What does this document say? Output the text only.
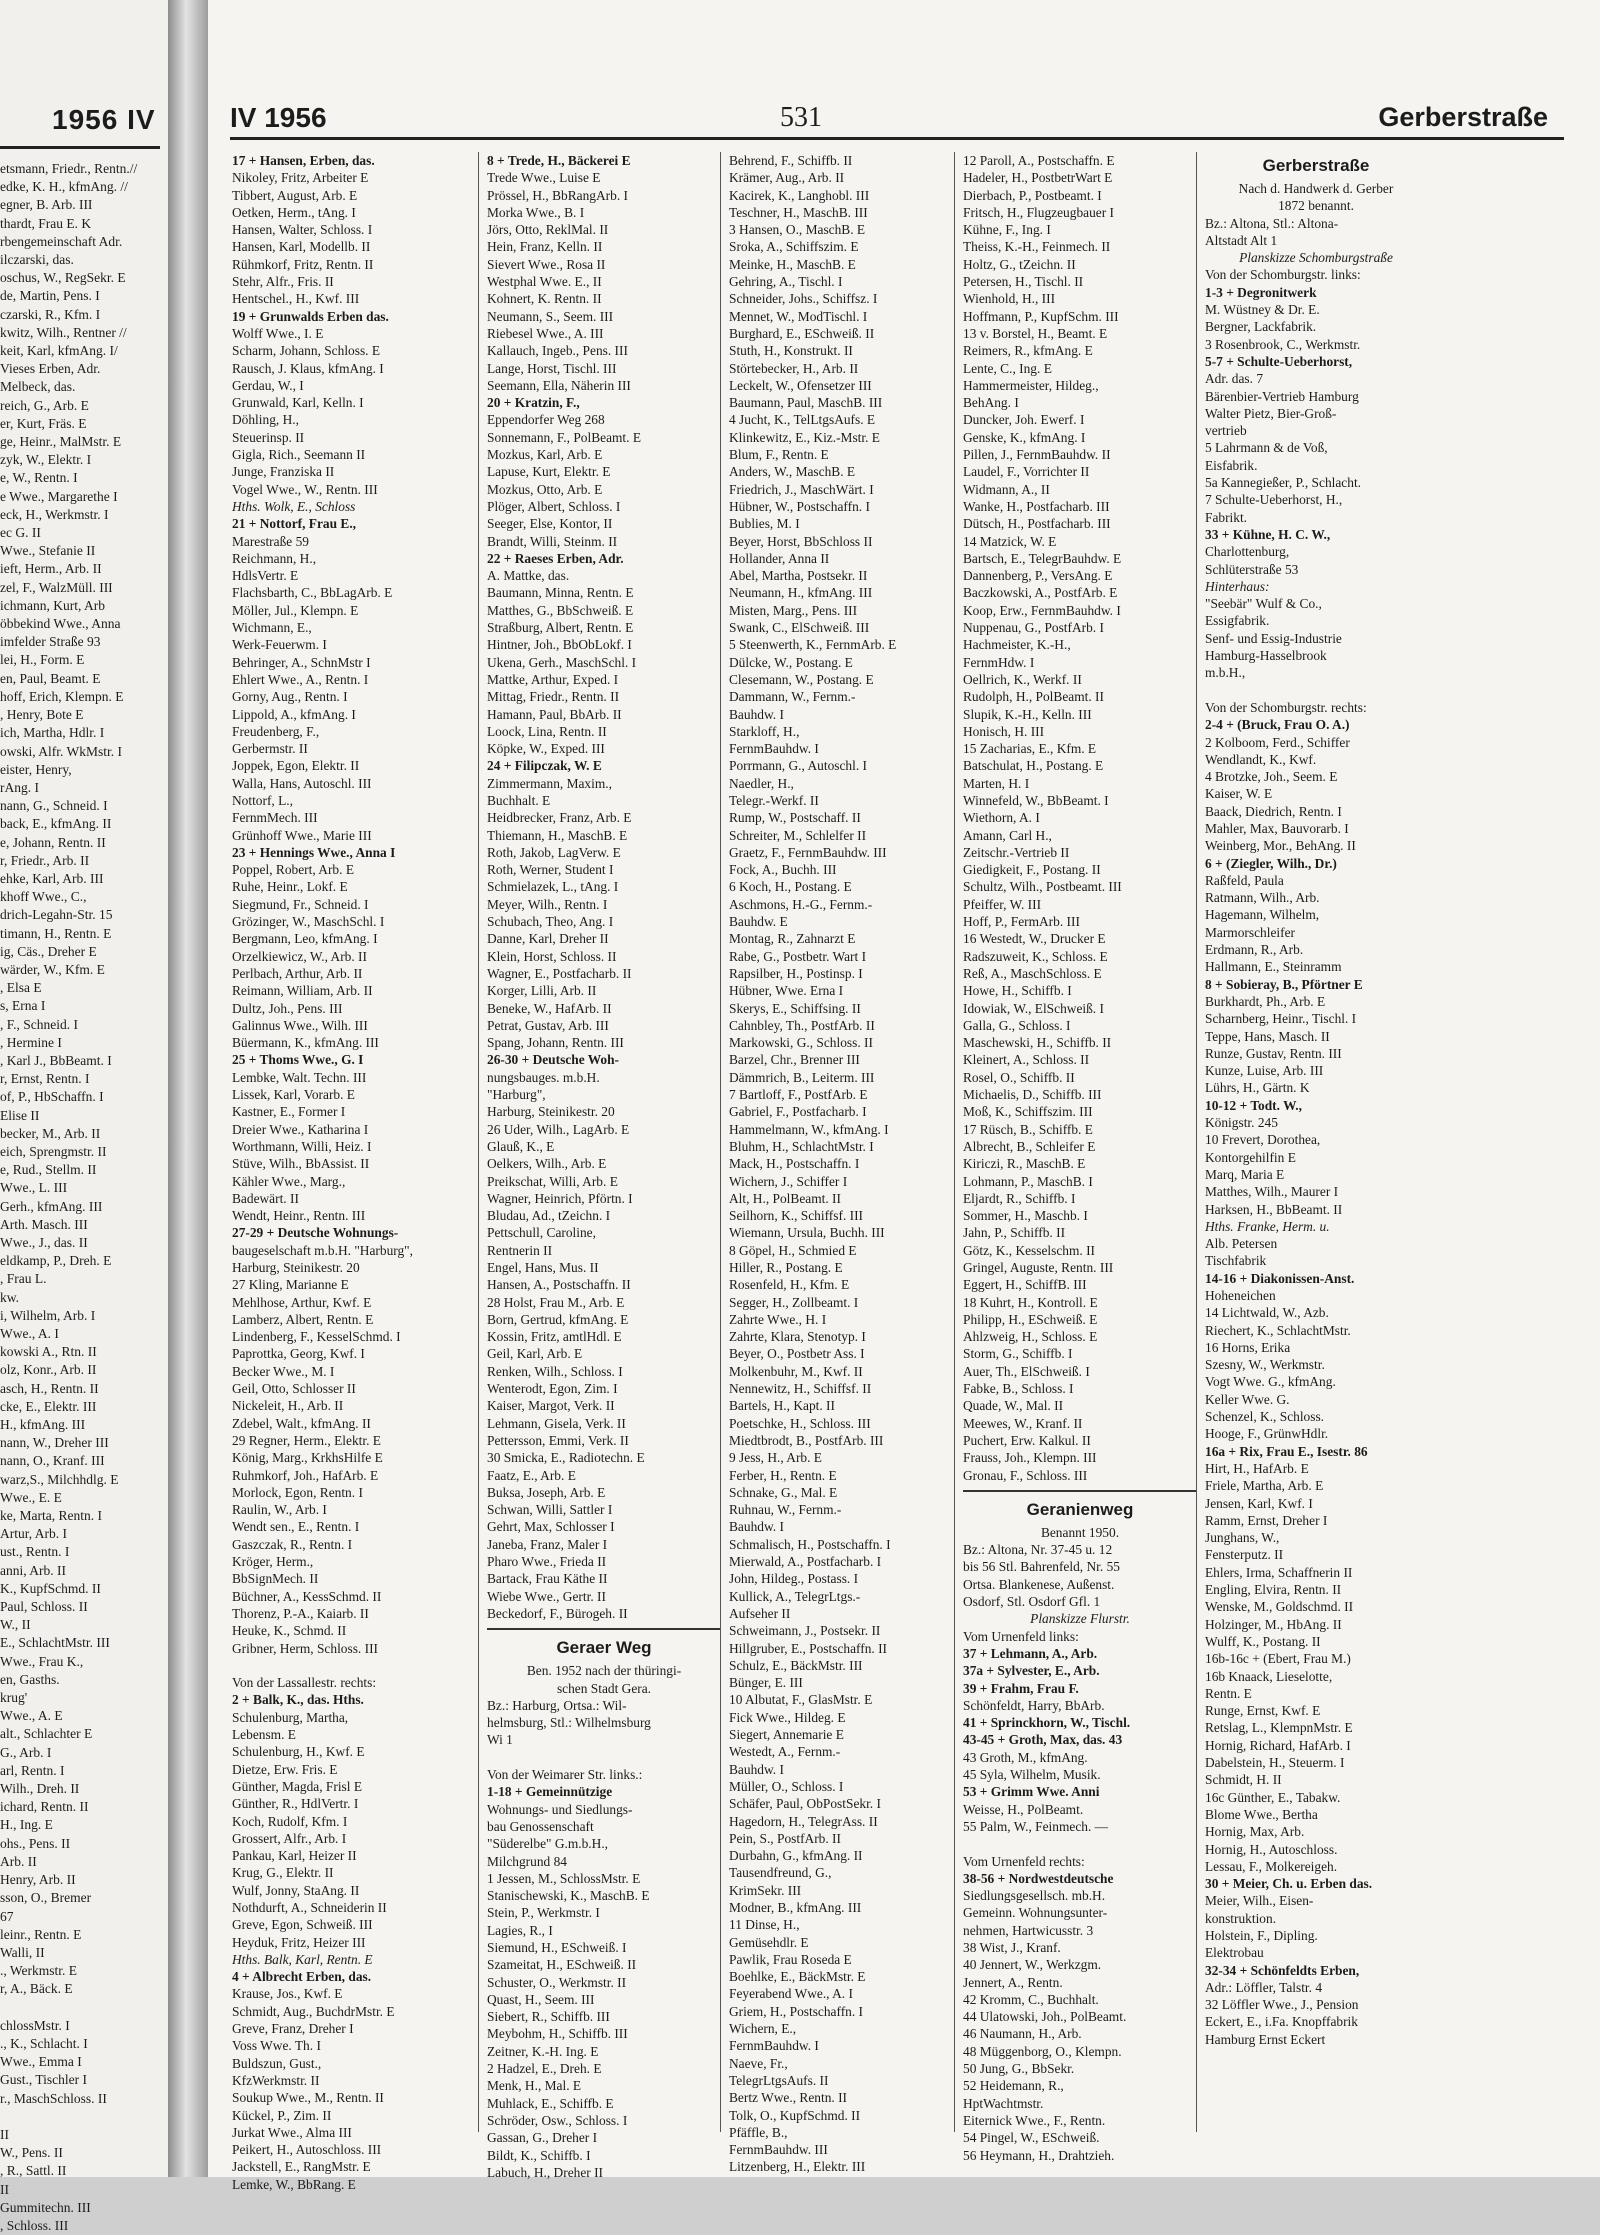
1956 IV
etsmann, Friedr., Rentn.//
edke, K. H., kfmAng. //
egner, B. Arb. III
thardt, Frau E. K
rbengemeinschaft Adr.
ilczarski, das.
oschus, W., RegSekr. E
de, Martin, Pens. I
czarski, R., Kfm. I
kwitz, Wilh., Rentner //
keit, Karl, kfmAng. I/
Vieses Erben, Adr.
Melbeck, das.
reich, G., Arb. E
er, Kurt, Fräs. E
ge, Heinr., MalMstr. E
zyk, W., Elektr. I
e, W., Rentn. I
e Wwe., Margarethe I
eck, H., Werkmstr. I
ec G. II
Wwe., Stefanie II
ieft, Herm., Arb. II
zel, F., WalzMüll. III
ichmann, Kurt, Arb
öbbekind Wwe., Anna
imfelder Straße 93
lei, H., Form. E
en, Paul, Beamt. E
hoff, Erich, Klempn. E
, Henry, Bote E
ich, Martha, Hdlr. I
owski, Alfr. WkMstr. I
eister, Henry,
rAng. I
nann, G., Schneid. I
back, E., kfmAng. II
e, Johann, Rentn. II
r, Friedr., Arb. II
ehke, Karl, Arb. III
khoff Wwe., C.,
drich-Legahn-Str. 15
timann, H., Rentn. E
ig, Cäs., Dreher E
wärder, W., Kfm. E
, Elsa E
s, Erna I
, F., Schneid. I
, Hermine I
, Karl J., BbBeamt. I
r, Ernst, Rentn. I
of, P., HbSchaffn. I
Elise II
becker, M., Arb. II
eich, Sprengmstr. II
e, Rud., Stellm. II
Wwe., L. III
Gerh., kfmAng. III
Arth. Masch. III
Wwe., J., das. II
eldkamp, P., Dreh. E
, Frau L.
kw.
i, Wilhelm, Arb. I
Wwe., A. I
kowski A., Rtn. II
olz, Konr., Arb. II
asch, H., Rentn. II
cke, E., Elektr. III
H., kfmAng. III
nann, W., Dreher III
nann, O., Kranf. III
warz,S., Milchhdlg. E
Wwe., E. E
ke, Marta, Rentn. I
Artur, Arb. I
ust., Rentn. I
anni, Arb. II
K., KupfSchmd. II
Paul, Schloss. II
W., II
E., SchlachtMstr. III
Wwe., Frau K.,
en, Gasths.
krug'
Wwe., A. E
alt., Schlachter E
G., Arb. I
arl, Rentn. I
Wilh., Dreh. II
ichard, Rentn. II
H., Ing. E
ohs., Pens. II
Arb. II
Henry, Arb. II
sson, O., Bremer
67
leinr., Rentn. E
Walli, II
., Werkmstr. E
r, A., Bäck. E

chlossMstr. I
., K., Schlacht. I
Wwe., Emma I
Gust., Tischler I
r., MaschSchloss. II

II
W., Pens. II
, R., Sattl. II
II
Gummitechn. III
, Schloss. III
IV 1956	531	Gerberstraße
17 + Hansen, Erben, das.
Nikoley, Fritz, Arbeiter E
Tibbert, August, Arb. E
Oetken, Herm., tAng. I
Hansen, Walter, Schloss. I
Hansen, Karl, Modellb. II
Rühmkorf, Fritz, Rentn. II
Stehr, Alfr., Fris. II
Hentschel., H., Kwf. III
19 + Grunwalds Erben das.
Wolff Wwe., I. E
Scharm, Johann, Schloss. E
Rausch, J. Klaus, kfmAng. I
Gerdau, W., I
Grunwald, Karl, Kelln. I
Döhling, H.,
Steuerinsp. II
Gigla, Rich., Seemann II
Junge, Franziska II
Vogel Wwe., W., Rentn. III
Hths. Wolk, E., Schloss
21 + Nottorf, Frau E.,
Marestraße 59
Reichmann, H.,
HdlsVertr. E
Flachsbarth, C., BbLagArb. E
Möller, Jul., Klempn. E
Wichmann, E.,
Werk-Feuerwm. I
Behringer, A., SchnMstr I
Ehlert Wwe., A., Rentn. I
Gorny, Aug., Rentn. I
Lippold, A., kfmAng. I
Freudenberg, F.,
Gerbermstr. II
Joppek, Egon, Elektr. II
Walla, Hans, Autoschl. III
Nottorf, L.,
FernmMech. III
Grünhoff Wwe., Marie III
23 + Hennings Wwe., Anna I
Poppel, Robert, Arb. E
Ruhe, Heinr., Lokf. E
Siegmund, Fr., Schneid. I
Grözinger, W., MaschSchl. I
Bergmann, Leo, kfmAng. I
Orzelkiewicz, W., Arb. II
Perlbach, Arthur, Arb. II
Reimann, William, Arb. II
Dultz, Joh., Pens. III
Galinnus Wwe., Wilh. III
Büermann, K., kfmAng. III
25 + Thoms Wwe., G. I
Lembke, Walt. Techn. III
Lissek, Karl, Vorarb. E
Kastner, E., Former I
Dreier Wwe., Katharina I
Worthmann, Willi, Heiz. I
Stüve, Wilh., BbAssist. II
Kähler Wwe., Marg.,
Badewärt. II
Wendt, Heinr., Rentn. III
27-29 + Deutsche Wohnungs-
baugeselschaft m.b.H. "Harburg",
Harburg, Steinikestr. 20
27 Kling, Marianne E
Mehlhose, Arthur, Kwf. E
Lamberz, Albert, Rentn. E
Lindenberg, F., KesselSchmd. I
Paprottka, Georg, Kwf. I
Becker Wwe., M. I
Geil, Otto, Schlosser II
Nickeleit, H., Arb. II
Zdebel, Walt., kfmAng. II
29 Regner, Herm., Elektr. E
König, Marg., KrkhsHilfe E
Ruhmkorf, Joh., HafArb. E
Morlock, Egon, Rentn. I
Raulin, W., Arb. I
Wendt sen., E., Rentn. I
Gaszczak, R., Rentn. I
Kröger, Herm.,
BbSignMech. II
Büchner, A., KessSchmd. II
Thorenz, P.-A., Kaiarb. II
Heuke, K., Schmd. II
Gribner, Herm, Schloss. III

Von der Lassallestr. rechts:
2 + Balk, K., das. Hths.
Schulenburg, Martha,
Lebensm. E
Schulenburg, H., Kwf. E
Dietze, Erw. Fris. E
Günther, Magda, Frisl E
Günther, R., HdlVertr. I
Koch, Rudolf, Kfm. I
Grossert, Alfr., Arb. I
Pankau, Karl, Heizer II
Krug, G., Elektr. II
Wulf, Jonny, StaAng. II
Nothdurft, A., Schneiderin II
Greve, Egon, Schweiß. III
Heyduk, Fritz, Heizer III
Hths. Balk, Karl, Rentn. E
4 + Albrecht Erben, das.
Krause, Jos., Kwf. E
Schmidt, Aug., BuchdrMstr. E
Greve, Franz, Dreher I
Voss Wwe. Th. I
Buldszun, Gust.,
KfzWerkmstr. II
Soukup Wwe., M., Rentn. II
Kückel, P., Zim. II
Jurkat Wwe., Alma III
Peikert, H., Autoschloss. III
Jackstell, E., RangMstr. E
Lemke, W., BbRang. E
8 + Trede, H., Bäckerei E
Trede Wwe., Luise E
Prössel, H., BbRangArb. I
Morka Wwe., B. I
Jörs, Otto, ReklMal. II
Hein, Franz, Kelln. II
Sievert Wwe., Rosa II
Westphal Wwe. E., II
Kohnert, K. Rentn. II
Neumann, S., Seem. III
Riebesel Wwe., A. III
Kallauch, Ingeb., Pens. III
Lange, Horst, Tischl. III
Seemann, Ella, Näherin III
20 + Kratzin, F.,
Eppendorfer Weg 268
Sonnemann, F., PolBeamt. E
Mozkus, Karl, Arb. E
Lapuse, Kurt, Elektr. E
Mozkus, Otto, Arb. E
Plöger, Albert, Schloss. I
Seeger, Else, Kontor, II
Brandt, Willi, Steinm. II
22 + Raeses Erben, Adr.
A. Mattke, das.
Baumann, Minna, Rentn. E
Matthes, G., BbSchweiß. E
Straßburg, Albert, Rentn. E
Hintner, Joh., BbObLokf. I
Ukena, Gerh., MaschSchl. I
Mattke, Arthur, Exped. I
Mittag, Friedr., Rentn. II
Hamann, Paul, BbArb. II
Loock, Lina, Rentn. II
Köpke, W., Exped. III
24 + Filipczak, W. E
Zimmermann, Maxim.,
Buchhalt. E
Heidbrecker, Franz, Arb. E
Thiemann, H., MaschB. E
Roth, Jakob, LagVerw. E
Roth, Werner, Student I
Schmielazek, L., tAng. I
Meyer, Wilh., Rentn. I
Schubach, Theo, Ang. I
Danne, Karl, Dreher II
Klein, Horst, Schloss. II
Wagner, E., Postfacharb. II
Korger, Lilli, Arb. II
Beneke, W., HafArb. II
Petrat, Gustav, Arb. III
Spang, Johann, Rentn. III
26-30 + Deutsche Woh-
nungsbauges. m.b.H.
"Harburg",
Harburg, Steinikestr. 20
26 Uder, Wilh., LagArb. E
Glauß, K., E
Oelkers, Wilh., Arb. E
Preikschat, Willi, Arb. E
Wagner, Heinrich, Pförtn. I
Bludau, Ad., tZeichn. I
Pettschull, Caroline,
Rentnerin II
Engel, Hans, Mus. II
Hansen, A., Postschaffn. II
28 Holst, Frau M., Arb. E
Born, Gertrud, kfmAng. E
Kossin, Fritz, amtlHdl. E
Geil, Karl, Arb. E
Renken, Wilh., Schloss. I
Wenterodt, Egon, Zim. I
Kaiser, Margot, Verk. II
Lehmann, Gisela, Verk. II
Pettersson, Emmi, Verk. II
30 Smicka, E., Radiotechn. E
Faatz, E., Arb. E
Buksa, Joseph, Arb. E
Schwan, Willi, Sattler I
Gehrt, Max, Schlosser I
Janeba, Franz, Maler I
Pharo Wwe., Frieda II
Bartack, Frau Käthe II
Wiebe Wwe., Gertr. II
Beckedorf, F., Bürogeh. II
Geraer Weg
Ben. 1952 nach der thüringi-
schen Stadt Gera.
Bz.: Harburg, Ortsa.: Wil-
helmsburg, Stl.: Wilhelmsburg
Wi 1

Von der Weimarer Str. links.:
1-18 + Gemeinnützige
Wohnungs- und Siedlungs-
bau Genossenschaft
"Süderelbe" G.m.b.H.,
Milchgrund 84
1 Jessen, M., SchlossMstr. E
Stanischewski, K., MaschB. E
Stein, P., Werkmstr. I
Lagies, R., I
Siemund, H., ESchweiß. I
Szameitat, H., ESchweiß. II
Schuster, O., Werkmstr. II
Quast, H., Seem. III
Siebert, R., Schiffb. III
Meybohm, H., Schiffb. III
Zeitner, K.-H. Ing. E
2 Hadzel, E., Dreh. E
Menk, H., Mal. E
Muhlack, E., Schiffb. E
Schröder, Osw., Schloss. I
Gassan, G., Dreher I
Bildt, K., Schiffb. I
Labuch, H., Dreher II
Behrend, F., Schiffb. II
Krämer, Aug., Arb. II
Kacirek, K., Langhobl. III
Teschner, H., MaschB. III
3 Hansen, O., MaschB. E
Sroka, A., Schiffszim. E
Meinke, H., MaschB. E
Gehring, A., Tischl. I
Schneider, Johs., Schiffsz. I
Mennet, W., ModTischl. I
Burghard, E., ESchweiß. II
Stuth, H., Konstrukt. II
Störtebecker, H., Arb. II
Leckelt, W., Ofensetzer III
Baumann, Paul, MaschB. III
4 Jucht, K., TelLtgsAufs. E
Klinkewitz, E., Kiz.-Mstr. E
Blum, F., Rentn. E
Anders, W., MaschB. E
Friedrich, J., MaschWärt. I
Hübner, W., Postschaffn. I
Bublies, M. I
Beyer, Horst, BbSchloss II
Hollander, Anna II
Abel, Martha, Postsekr. II
Neumann, H., kfmAng. III
Misten, Marg., Pens. III
Swank, C., ElSchweiß. III
5 Steenwerth, K., FernmArb. E
Dülcke, W., Postang. E
Clesemann, W., Postang. E
Dammann, W., Fernm.-
Bauhdw. I
Starkloff, H.,
FernmBauhdw. I
Porrmann, G., Autoschl. I
Naedler, H.,
Telegr.-Werkf. II
Rump, W., Postschaff. II
Schreiter, M., Schlelfer II
Graetz, F., FernmBauhdw. III
Fock, A., Buchh. III
6 Koch, H., Postang. E
Aschmons, H.-G., Fernm.-
Bauhdw. E
Montag, R., Zahnarzt E
Rabe, G., Postbetr. Wart I
Rapsilber, H., Postinsp. I
Hübner, Wwe. Erna I
Skerys, E., Schiffsing. II
Cahnbley, Th., PostfArb. II
Markowski, G., Schloss. II
Barzel, Chr., Brenner III
Dämmrich, B., Leiterm. III
7 Bartloff, F., PostfArb. E
Gabriel, F., Postfacharb. I
Hammelmann, W., kfmAng. I
Bluhm, H., SchlachtMstr. I
Mack, H., Postschaffn. I
Wichern, J., Schiffer I
Alt, H., PolBeamt. II
Seilhorn, K., Schiffsf. III
Wiemann, Ursula, Buchh. III
8 Göpel, H., Schmied E
Hiller, R., Postang. E
Rosenfeld, H., Kfm. E
Segger, H., Zollbeamt. I
Zahrte Wwe., H. I
Zahrte, Klara, Stenotyp. I
Beyer, O., Postbetr Ass. I
Molkenbuhr, M., Kwf. II
Nennewitz, H., Schiffsf. II
Bartels, H., Kapt. II
Poetschke, H., Schloss. III
Miedtbrodt, B., PostfArb. III
9 Jess, H., Arb. E
Ferber, H., Rentn. E
Schnake, G., Mal. E
Ruhnau, W., Fernm.-
Bauhdw. I
Schmalisch, H., Postschaffn. I
Mierwald, A., Postfacharb. I
John, Hildeg., Postass. I
Kullick, A., TelegrLtgs.-
Aufseher II
Schweimann, J., Postsekr. II
Hillgruber, E., Postschaffn. II
Schulz, E., BäckMstr. III
Bünger, E. III
10 Albutat, F., GlasMstr. E
Fick Wwe., Hildeg. E
Siegert, Annemarie E
Westedt, A., Fernm.-
Bauhdw. I
Müller, O., Schloss. I
Schäfer, Paul, ObPostSekr. I
Hagedorn, H., TelegrAss. II
Pein, S., PostfArb. II
Durbahn, G., kfmAng. II
Tausendfreund, G.,
KrimSekr. III
Modner, B., kfmAng. III
11 Dinse, H.,
Gemüsehdlr. E
Pawlik, Frau Roseda E
Boehlke, E., BäckMstr. E
Feyerabend Wwe., A. I
Griem, H., Postschaffn. I
Wichern, E.,
FernmBauhdw. I
Naeve, Fr.,
TelegrLtgsAufs. II
Bertz Wwe., Rentn. II
Tolk, O., KupfSchmd. II
Pfäffle, B.,
FernmBauhdw. III
Litzenberg, H., Elektr. III
12 Paroll, A., Postschaffn. E
Hadeler, H., PostbetrWart E
Dierbach, P., Postbeamt. I
Fritsch, H., Flugzeugbauer I
Kühne, F., Ing. I
Theiss, K.-H., Feinmech. II
Holtz, G., tZeichn. II
Petersen, H., Tischl. II
Wienhold, H., III
Hoffmann, P., KupfSchm. III
13 v. Borstel, H., Beamt. E
Reimers, R., kfmAng. E
Lente, C., Ing. E
Hammermeister, Hildeg.,
BehAng. I
Duncker, Joh. Ewerf. I
Genske, K., kfmAng. I
Pillen, J., FernmBauhdw. II
Laudel, F., Vorrichter II
Widmann, A., II
Wanke, H., Postfacharb. III
Dütsch, H., Postfacharb. III
14 Matzick, W. E
Bartsch, E., TelegrBauhdw. E
Dannenberg, P., VersAng. E
Baczkowski, A., PostfArb. E
Koop, Erw., FernmBauhdw. I
Nuppenau, G., PostfArb. I
Hachmeister, K.-H.,
FernmHdw. I
Oellrich, K., Werkf. II
Rudolph, H., PolBeamt. II
Slupik, K.-H., Kelln. III
Honisch, H. III
15 Zacharias, E., Kfm. E
Batschulat, H., Postang. E
Marten, H. I
Winnefeld, W., BbBeamt. I
Wiethorn, A. I
Amann, Carl H.,
Zeitschr.-Vertrieb II
Giedigkeit, F., Postang. II
Schultz, Wilh., Postbeamt. III
Pfeiffer, W. III
Hoff, P., FermArb. III
16 Westedt, W., Drucker E
Radszuweit, K., Schloss. E
Reß, A., MaschSchloss. E
Howe, H., Schiffb. I
Idowiak, W., ElSchweiß. I
Galla, G., Schloss. I
Maschewski, H., Schiffb. II
Kleinert, A., Schloss. II
Rosel, O., Schiffb. II
Michaelis, D., Schiffb. III
Moß, K., Schiffszim. III
17 Rüsch, B., Schiffb. E
Albrecht, B., Schleifer E
Kiriczi, R., MaschB. E
Lohmann, P., MaschB. I
Eljardt, R., Schiffb. I
Sommer, H., Maschb. I
Jahn, P., Schiffb. II
Götz, K., Kesselschm. II
Gringel, Auguste, Rentn. III
Eggert, H., SchiffB. III
18 Kuhrt, H., Kontroll. E
Philipp, H., ESchweiß. E
Ahlzweig, H., Schloss. E
Storm, G., Schiffb. I
Auer, Th., ElSchweiß. I
Fabke, B., Schloss. I
Quade, W., Mal. II
Meewes, W., Kranf. II
Puchert, Erw. Kalkul. II
Frauss, Joh., Klempn. III
Gronau, F., Schloss. III
Geranienweg
Benannt 1950.
Bz.: Altona, Nr. 37-45 u. 12
bis 56 Stl. Bahrenfeld, Nr. 55
Ortsa. Blankenese, Außenst.
Osdorf, Stl. Osdorf Gfl. 1
Planskizze Flurstr.
Vom Urnenfeld links:
37 + Lehmann, A., Arb.
37a + Sylvester, E., Arb.
39 + Frahm, Frau F.
Schönfeldt, Harry, BbArb.
41 + Sprinckhorn, W., Tischl.
43-45 + Groth, Max, das. 43
43 Groth, M., kfmAng.
45 Syla, Wilhelm, Musik.
53 + Grimm Wwe. Anni
Weisse, H., PolBeamt.
55 Palm, W., Feinmech. —

Vom Urnenfeld rechts:
38-56 + Nordwestdeutsche
Siedlungsgesellsch. mb.H.
Gemeinn. Wohnungsunter-
nehmen, Hartwicusstr. 3
38 Wist, J., Kranf.
40 Jennert, W., Werkzgm.
Jennert, A., Rentn.
42 Kromm, C., Buchhalt.
44 Ulatowski, Joh., PolBeamt.
46 Naumann, H., Arb.
48 Müggenborg, O., Klempn.
50 Jung, G., BbSekr.
52 Heidemann, R.,
HptWachtmstr.
Eiternick Wwe., F., Rentn.
54 Pingel, W., ESchweiß.
56 Heymann, H., Drahtzieh.
Gerberstraße
Nach d. Handwerk d. Gerber
1872 benannt.
Bz.: Altona, Stl.: Altona-
Altstadt Alt 1
Planskizze Schomburgstraße
Von der Schomburgstr. links:
1-3 + Degronitwerk
M. Wüstney & Dr. E.
Bergner, Lackfabrik.
3 Rosenbrook, C., Werkmstr.
5-7 + Schulte-Ueberhorst,
Adr. das. 7
Bärenbier-Vertrieb Hamburg
Walter Pietz, Bier-Groß-
vertrieb
5 Lahrmann & de Voß,
Eisfabrik.
5a Kannegießer, P., Schlacht.
7 Schulte-Ueberhorst, H.,
Fabrikt.
33 + Kühne, H. C. W.,
Charlottenburg,
Schlüterstraße 53
Hinterhaus:
"Seebär" Wulf & Co.,
Essigfabrik.
Senf- und Essig-Industrie
Hamburg-Hasselbrook
m.b.H.,

Von der Schomburgstr. rechts:
2-4 + (Bruck, Frau O. A.)
2 Kolboom, Ferd., Schiffer
Wendlandt, K., Kwf.
4 Brotzke, Joh., Seem. E
Kaiser, W. E
Baack, Diedrich, Rentn. I
Mahler, Max, Bauvorarb. I
Weinberg, Mor., BehAng. II
6 + (Ziegler, Wilh., Dr.)
Raßfeld, Paula
Ratmann, Wilh., Arb.
Hagemann, Wilhelm,
Marmorschleifer
Erdmann, R., Arb.
Hallmann, E., Steinramm
8 + Sobieray, B., Pförtner E
Burkhardt, Ph., Arb. E
Scharnberg, Heinr., Tischl. I
Teppe, Hans, Masch. II
Runze, Gustav, Rentn. III
Kunze, Luise, Arb. III
Lührs, H., Gärtn. K
10-12 + Todt. W.,
Königstr. 245
10 Frevert, Dorothea,
Kontorgehilfin E
Marq, Maria E
Matthes, Wilh., Maurer I
Harksen, H., BbBeamt. II
Hths. Franke, Herm. u.
Alb. Petersen
Tischfabrik
14-16 + Diakonissen-Anst.
Hoheneichen
14 Lichtwald, W., Azb.
Riechert, K., SchlachtMstr.
16 Horns, Erika
Szesny, W., Werkmstr.
Vogt Wwe. G., kfmAng.
Keller Wwe. G.
Schenzel, K., Schloss.
Hooge, F., GrünwHdlr.
16a + Rix, Frau E., Isestr. 86
Hirt, H., HafArb. E
Friele, Martha, Arb. E
Jensen, Karl, Kwf. I
Ramm, Ernst, Dreher I
Junghans, W.,
Fensterputz. II
Ehlers, Irma, Schaffnerin II
Engling, Elvira, Rentn. II
Wenske, M., Goldschmd. II
Holzinger, M., HbAng. II
Wulff, K., Postang. II
16b-16c + (Ebert, Frau M.)
16b Knaack, Lieselotte,
Rentn. E
Runge, Ernst, Kwf. E
Retslag, L., KlempnMstr. E
Hornig, Richard, HafArb. I
Dabelstein, H., Steuerm. I
Schmidt, H. II
16c Günther, E., Tabakw.
Blome Wwe., Bertha
Hornig, Max, Arb.
Hornig, H., Autoschloss.
Lessau, F., Molkereigeh.
30 + Meier, Ch. u. Erben das.
Meier, Wilh., Eisen-
konstruktion.
Holstein, F., Dipling.
Elektrobau
32-34 + Schönfeldts Erben,
Adr.: Löffler, Talstr. 4
32 Löffler Wwe., J., Pension
Eckert, E., i.Fa. Knopffabrik
Hamburg Ernst Eckert
